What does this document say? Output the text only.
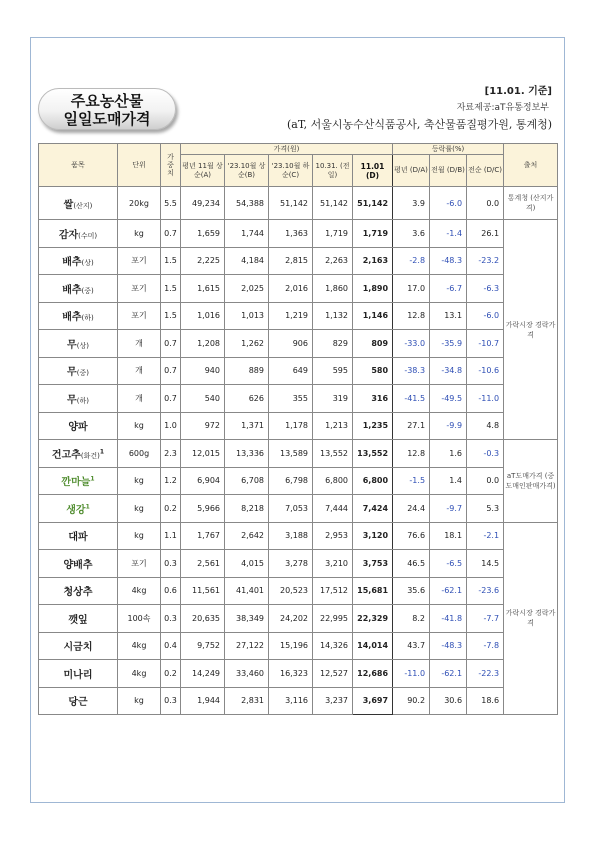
주요농산물
일일도매가격
[11.01. 기준]
자료제공:aT유통정보부
(aT, 서울시농수산식품공사, 축산물품질평가원, 통계청)
품목	단위	가중치	가격(원)					등락률(%)			출처
			평년 11월 상순(A)	'23.10월 상순(B)	'23.10월 하순(C)	10.31. (전일)	11.01
(D)	평년 (D/A)	전월 (D/B)	전순 (D/C)	
쌀(산지)	20kg	5.5	49,234	54,388	51,142	51,142	51,142	3.9	-6.0	0.0	통계청 (산지가격)
감자(수미)	kg	0.7	1,659	1,744	1,363	1,719	1,719	3.6	-1.4	26.1	가락시장 경락가격
배추(상)	포기	1.5	2,225	4,184	2,815	2,263	2,163	-2.8	-48.3	-23.2	
배추(중)	포기	1.5	1,615	2,025	2,016	1,860	1,890	17.0	-6.7	-6.3	
배추(하)	포기	1.5	1,016	1,013	1,219	1,132	1,146	12.8	13.1	-6.0	
무(상)	개	0.7	1,208	1,262	906	829	809	-33.0	-35.9	-10.7	
무(중)	개	0.7	940	889	649	595	580	-38.3	-34.8	-10.6	
무(하)	개	0.7	540	626	355	319	316	-41.5	-49.5	-11.0	
양파	kg	1.0	972	1,371	1,178	1,213	1,235	27.1	-9.9	4.8	
건고추(화건)$^1$	600g	2.3	12,015	13,336	13,589	13,552	13,552	12.8	1.6	-0.3	aT도매가격 (중도매인판매가격)
깐마늘$^1$	kg	1.2	6,904	6,708	6,798	6,800	6,800	-1.5	1.4	0.0	
생강$^1$	kg	0.2	5,966	8,218	7,053	7,444	7,424	24.4	-9.7	5.3	
대파	kg	1.1	1,767	2,642	3,188	2,953	3,120	76.6	18.1	-2.1	가락시장 경락가격
양배추	포기	0.3	2,561	4,015	3,278	3,210	3,753	46.5	-6.5	14.5	
청상추	4kg	0.6	11,561	41,401	20,523	17,512	15,681	35.6	-62.1	-23.6	
깻잎	100속	0.3	20,635	38,349	24,202	22,995	22,329	8.2	-41.8	-7.7	
시금치	4kg	0.4	9,752	27,122	15,196	14,326	14,014	43.7	-48.3	-7.8	
미나리	4kg	0.2	14,249	33,460	16,323	12,527	12,686	-11.0	-62.1	-22.3	
당근	kg	0.3	1,944	2,831	3,116	3,237	3,697	90.2	30.6	18.6	
